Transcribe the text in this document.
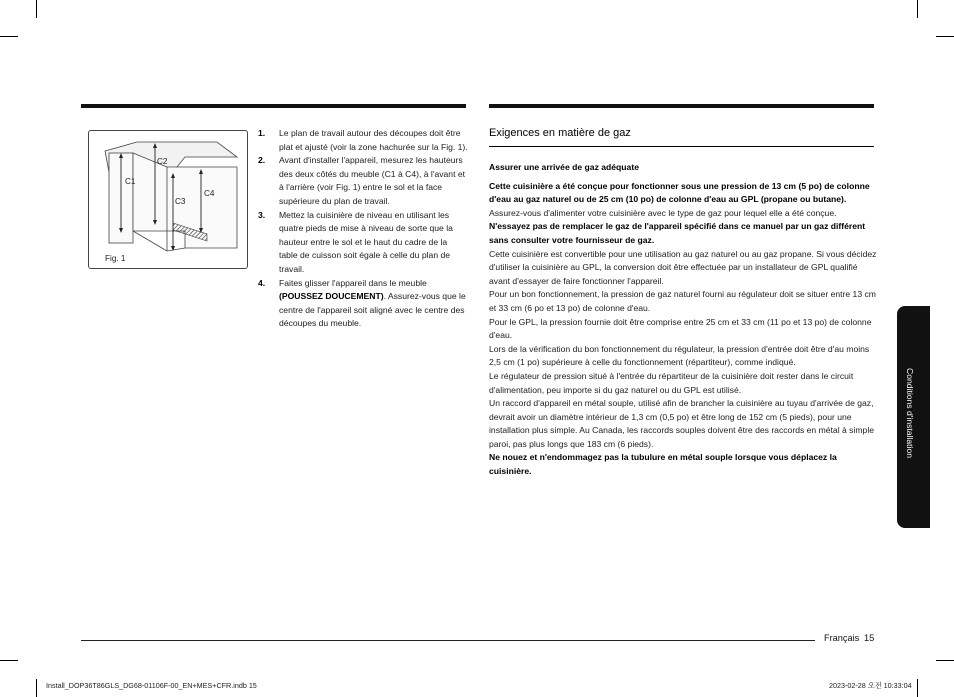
C1
C2
C3
C4
Fig. 1
1. Le plan de travail autour des découpes doit être plat et ajusté (voir la zone hachurée sur la Fig. 1).

2. Avant d'installer l'appareil, mesurez les hauteurs des deux côtés du meuble (C1 à C4), à l'avant et à l'arrière (voir Fig. 1) entre le sol et la face supérieure du plan de travail.

3. Mettez la cuisinière de niveau en utilisant les quatre pieds de mise à niveau de sorte que la hauteur entre le sol et le haut du cadre de la table de cuisson soit égale à celle du plan de travail.

4. Faites glisser l'appareil dans le meuble (POUSSEZ DOUCEMENT). Assurez-vous que le centre de l'appareil soit aligné avec le centre des découpes du meuble.

Exigences en matière de gaz

Assurer une arrivée de gaz adéquate

Cette cuisinière a été conçue pour fonctionner sous une pression de 13 cm (5 po) de colonne d'eau au gaz naturel ou de 25 cm (10 po) de colonne d'eau au GPL (propane ou butane).

Assurez-vous d'alimenter votre cuisinière avec le type de gaz pour lequel elle a été conçue.

N'essayez pas de remplacer le gaz de l'appareil spécifié dans ce manuel par un gaz différent sans consulter votre fournisseur de gaz.

Cette cuisinière est convertible pour une utilisation au gaz naturel ou au gaz propane. Si vous décidez d'utiliser la cuisinière au GPL, la conversion doit être effectuée par un installateur de GPL qualifié avant d'essayer de faire fonctionner l'appareil.

Pour un bon fonctionnement, la pression de gaz naturel fourni au régulateur doit se situer entre 13 cm et 33 cm (6 po et 13 po) de colonne d'eau.

Pour le GPL, la pression fournie doit être comprise entre 25 cm et 33 cm (11 po et 13 po) de colonne d'eau.

Lors de la vérification du bon fonctionnement du régulateur, la pression d'entrée doit être d'au moins 2,5 cm (1 po) supérieure à celle du fonctionnement (répartiteur), comme indiqué.

Le régulateur de pression situé à l'entrée du répartiteur de la cuisinière doit rester dans le circuit d'alimentation, peu importe si du gaz naturel ou du GPL est utilisé.

Un raccord d'appareil en métal souple, utilisé afin de brancher la cuisinière au tuyau d'arrivée de gaz, devrait avoir un diamètre intérieur de 1,3 cm (0,5 po) et être long de 152 cm (5 pieds), pour une installation plus simple. Au Canada, les raccords souples doivent être des raccords en métal à simple paroi, pas plus longs que 183 cm (6 pieds).

Ne nouez et n'endommagez pas la tubulure en métal souple lorsque vous déplacez la cuisinière.

Conditions d'installation
Français 15
Install_DOP36T86GLS_DG68-01106F-00_EN+MES+CFR.indb 15	2023-02-28 오전 10:33:04
